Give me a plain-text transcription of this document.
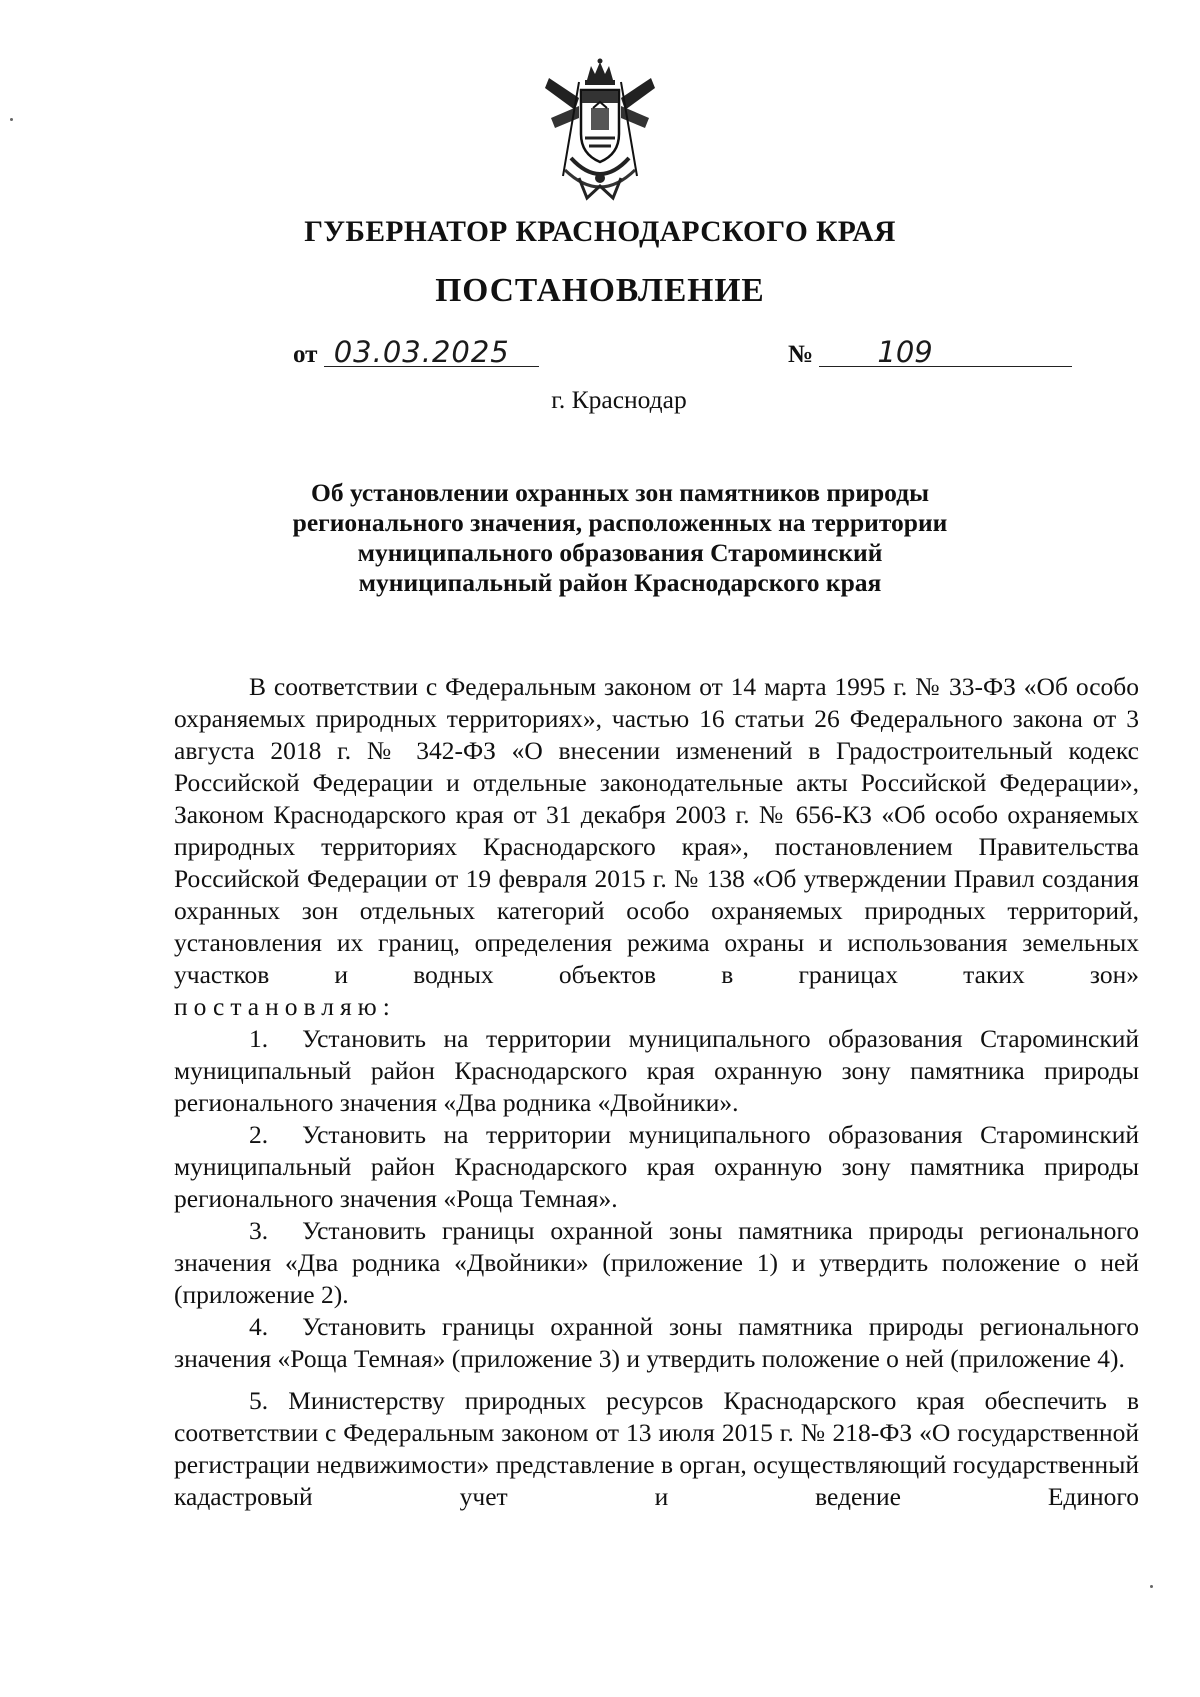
ГУБЕРНАТОР КРАСНОДАРСКОГО КРАЯ
ПОСТАНОВЛЕНИЕ
от 03.03.2025	№ 109
г. Краснодар
Об установлении охранных зон памятников природы
регионального значения, расположенных на территории
муниципального образования Староминский
муниципальный район Краснодарского края

В соответствии с Федеральным законом от 14 марта 1995 г. № 33-ФЗ «Об особо охраняемых природных территориях», частью 16 статьи 26 Федерального закона от 3 августа 2018 г. № 342-ФЗ «О внесении изменений в Градостроительный кодекс Российской Федерации и отдельные законодательные акты Российской Федерации», Законом Краснодарского края от 31 декабря 2003 г. № 656-КЗ «Об особо охраняемых природных территориях Краснодарского края», постановлением Правительства Российской Федерации от 19 февраля 2015 г. № 138 «Об утверждении Правил создания охранных зон отдельных категорий особо охраняемых природных территорий, установления их границ, определения режима охраны и использования земельных участков и водных объектов в границах таких зон»

постановляю:

1. Установить на территории муниципального образования Староминский муниципальный район Краснодарского края охранную зону памятника природы регионального значения «Два родника «Двойники».

2. Установить на территории муниципального образования Староминский муниципальный район Краснодарского края охранную зону памятника природы регионального значения «Роща Темная».

3. Установить границы охранной зоны памятника природы регионального значения «Два родника «Двойники» (приложение 1) и утвердить положение о ней (приложение 2).

4. Установить границы охранной зоны памятника природы регионального значения «Роща Темная» (приложение 3) и утвердить положение о ней (приложение 4).

5. Министерству природных ресурсов Краснодарского края обеспечить в соответствии с Федеральным законом от 13 июля 2015 г. № 218-ФЗ «О государственной регистрации недвижимости» представление в орган, осуществляющий государственный кадастровый учет и ведение Единого
